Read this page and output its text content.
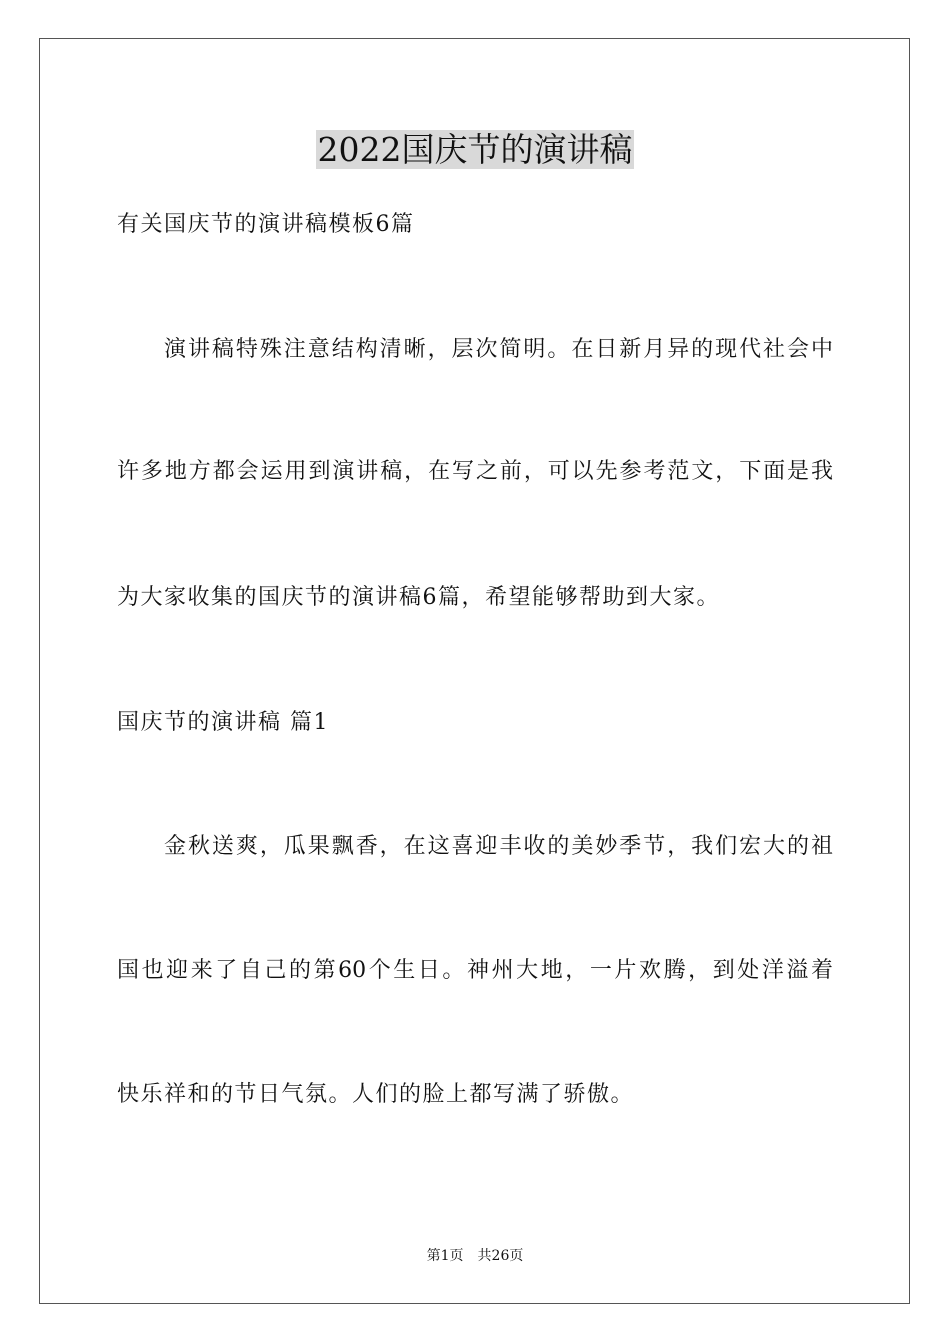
2022国庆节的演讲稿
有关国庆节的演讲稿模板6篇
演讲稿特殊注意结构清晰，层次简明。在日新月异的现代社会中
许多地方都会运用到演讲稿，在写之前，可以先参考范文，下面是我
为大家收集的国庆节的演讲稿6篇，希望能够帮助到大家。
国庆节的演讲稿 篇1
金秋送爽，瓜果飘香，在这喜迎丰收的美妙季节，我们宏大的祖
国也迎来了自己的第60个生日。神州大地，一片欢腾，到处洋溢着
快乐祥和的节日气氛。人们的脸上都写满了骄傲。
第1页　共26页
